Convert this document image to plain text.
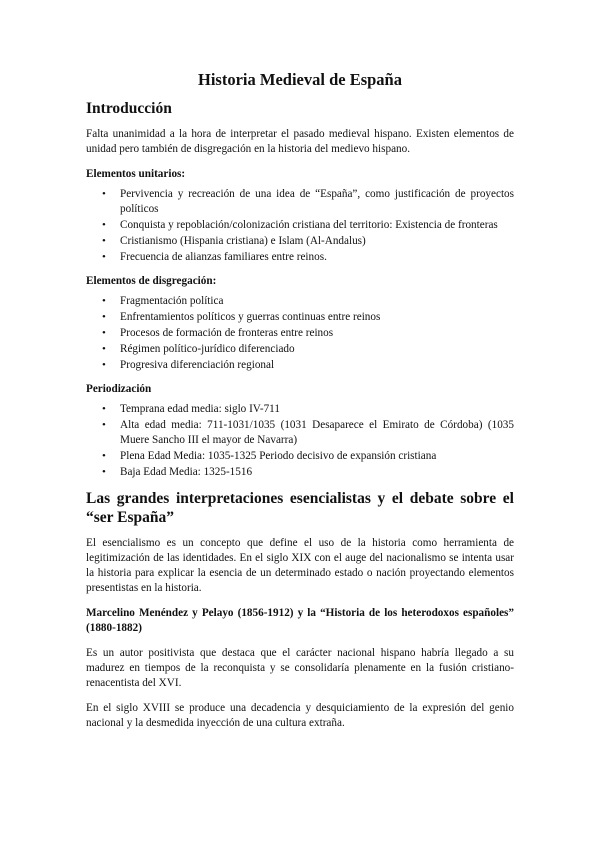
Historia Medieval de España
Introducción

Falta unanimidad a la hora de interpretar el pasado medieval hispano. Existen elementos de unidad pero también de disgregación en la historia del medievo hispano.

Elementos unitarios:

• Pervivencia y recreación de una idea de “España”, como justificación de proyectos políticos
• Conquista y repoblación/colonización cristiana del territorio: Existencia de fronteras
• Cristianismo (Hispania cristiana) e Islam (Al-Andalus)
• Frecuencia de alianzas familiares entre reinos.

Elementos de disgregación:

• Fragmentación política
• Enfrentamientos políticos y guerras continuas entre reinos
• Procesos de formación de fronteras entre reinos
• Régimen político-jurídico diferenciado
• Progresiva diferenciación regional

Periodización

• Temprana edad media: siglo IV-711
• Alta edad media: 711-1031/1035 (1031 Desaparece el Emirato de Córdoba) (1035 Muere Sancho III el mayor de Navarra)
• Plena Edad Media: 1035-1325 Periodo decisivo de expansión cristiana
• Baja Edad Media: 1325-1516
Las grandes interpretaciones esencialistas y el debate sobre el “ser España”

El esencialismo es un concepto que define el uso de la historia como herramienta de legitimización de las identidades. En el siglo XIX con el auge del nacionalismo se intenta usar la historia para explicar la esencia de un determinado estado o nación proyectando elementos presentistas en la historia.

Marcelino Menéndez y Pelayo (1856-1912) y la “Historia de los heterodoxos españoles” (1880-1882)

Es un autor positivista que destaca que el carácter nacional hispano habría llegado a su madurez en tiempos de la reconquista y se consolidaría plenamente en la fusión cristiano-renacentista del XVI.

En el siglo XVIII se produce una decadencia y desquiciamiento de la expresión del genio nacional y la desmedida inyección de una cultura extraña.
